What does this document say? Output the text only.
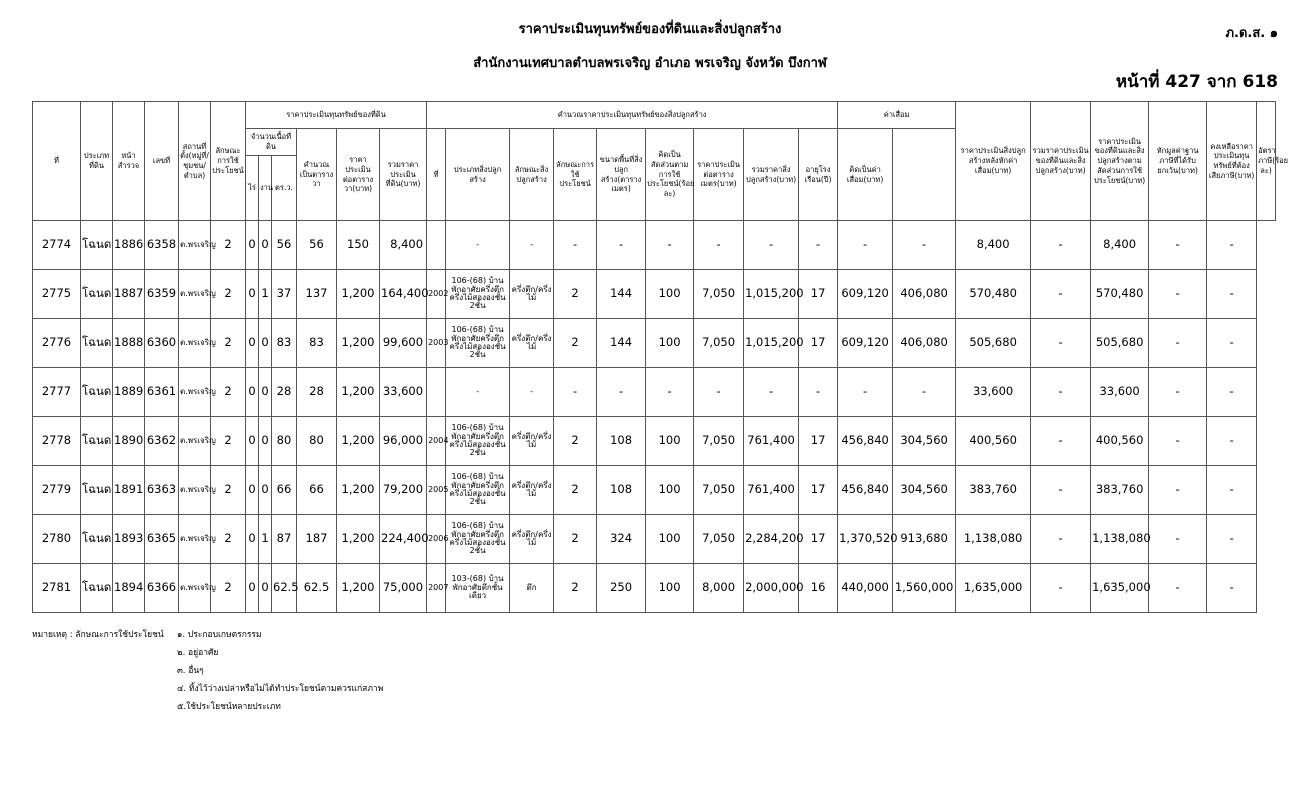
ราคาประเมินทุนทรัพย์ของที่ดินและสิ่งปลูกสร้าง
สำนักงานเทศบาลตำบลพรเจริญ อำเภอ พรเจริญ จังหวัด บึงกาฬ
ภ.ด.ส. ๑
หน้าที่ 427 จาก 618
ที่	ประเภทที่ดิน	หน้าสำรวจ	เลขที่	สถานที่ตั้ง(หมู่ที่/ชุมชน/ตำบล)	ลักษณะการใช้ประโยชน์	ราคาประเมินทุนทรัพย์ของที่ดิน						คำนวณราคาประเมินทุนทรัพย์ของสิ่งปลูกสร้าง									ค่าเสื่อม		ราคาประเมินสิ่งปลูกสร้างหลังหักค่าเสื่อม(บาท)	รวมราคาประเมินของที่ดินและสิ่งปลูกสร้าง(บาท)	ราคาประเมินของที่ดินและสิ่งปลูกสร้างตามสัดส่วนการใช้ประโยชน์(บาท)	หักมูลค่าฐานภาษีที่ได้รับยกเว้น(บาท)	คงเหลือราคาประเมินทุนทรัพย์ที่ต้องเสียภาษี(บาท)	อัตราภาษี(ร้อยละ)
						จำนวนเนื้อที่ดิน			คำนวณเป็นตารางวา	ราคาประเมินต่อตารางวา(บาท)	รวมราคาประเมินที่ดิน(บาท)	ที่	ประเภทสิ่งปลูกสร้าง	ลักษณะสิ่งปลูกสร้าง	ลักษณะการใช้ประโยชน์	ขนาดพื้นที่สิ่งปลูกสร้าง(ตารางเมตร)	คิดเป็นสัดส่วนตามการใช้ประโยชน์(ร้อยละ)	ราคาประเมินต่อตารางเมตร(บาท)	รวมราคาสิ่งปลูกสร้าง(บาท)	อายุโรงเรือน(ปี)	คิดเป็นค่าเสื่อม(บาท)							
						ไร่	งาน	ตร.ว.																				
2774	โฉนด	1886	6358	ต.พรเจริญ	2	0	0	56	56	150	8,400		-	-	-	-	-	-	-	-	-	-	8,400	-	8,400	-	-	
2775	โฉนด	1887	6359	ต.พรเจริญ	2	0	1	37	137	1,200	164,400	2002	106-(68) บ้านพักอาศัยครึ่งตึกครึ่งไม้สององชั้น 2ชั้น	ครึ่งตึก/ครึ่งไม้	2	144	100	7,050	1,015,200	17	609,120	406,080	570,480	-	570,480	-	-	
2776	โฉนด	1888	6360	ต.พรเจริญ	2	0	0	83	83	1,200	99,600	2003	106-(68) บ้านพักอาศัยครึ่งตึกครึ่งไม้สององชั้น 2ชั้น	ครึ่งตึก/ครึ่งไม้	2	144	100	7,050	1,015,200	17	609,120	406,080	505,680	-	505,680	-	-	
2777	โฉนด	1889	6361	ต.พรเจริญ	2	0	0	28	28	1,200	33,600		-	-	-	-	-	-	-	-	-	-	33,600	-	33,600	-	-	
2778	โฉนด	1890	6362	ต.พรเจริญ	2	0	0	80	80	1,200	96,000	2004	106-(68) บ้านพักอาศัยครึ่งตึกครึ่งไม้สององชั้น 2ชั้น	ครึ่งตึก/ครึ่งไม้	2	108	100	7,050	761,400	17	456,840	304,560	400,560	-	400,560	-	-	
2779	โฉนด	1891	6363	ต.พรเจริญ	2	0	0	66	66	1,200	79,200	2005	106-(68) บ้านพักอาศัยครึ่งตึกครึ่งไม้สององชั้น 2ชั้น	ครึ่งตึก/ครึ่งไม้	2	108	100	7,050	761,400	17	456,840	304,560	383,760	-	383,760	-	-	
2780	โฉนด	1893	6365	ต.พรเจริญ	2	0	1	87	187	1,200	224,400	2006	106-(68) บ้านพักอาศัยครึ่งตึกครึ่งไม้สององชั้น 2ชั้น	ครึ่งตึก/ครึ่งไม้	2	324	100	7,050	2,284,200	17	1,370,520	913,680	1,138,080	-	1,138,080	-	-	
2781	โฉนด	1894	6366	ต.พรเจริญ	2	0	0	62.5	62.5	1,200	75,000	2007	103-(68) บ้านพักอาศัยตึกชั้นเดียว	ตึก	2	250	100	8,000	2,000,000	16	440,000	1,560,000	1,635,000	-	1,635,000	-	-	
หมายเหตุ : ลักษณะการใช้ประโยชน์ ๑. ประกอบเกษตรกรรม
๒. อยู่อาศัย
๓. อื่นๆ
๔. ทิ้งไว้ว่างเปล่าหรือไม่ได้ทำประโยชน์ตามควรแก่สภาพ
๕.ใช้ประโยชน์หลายประเภท
